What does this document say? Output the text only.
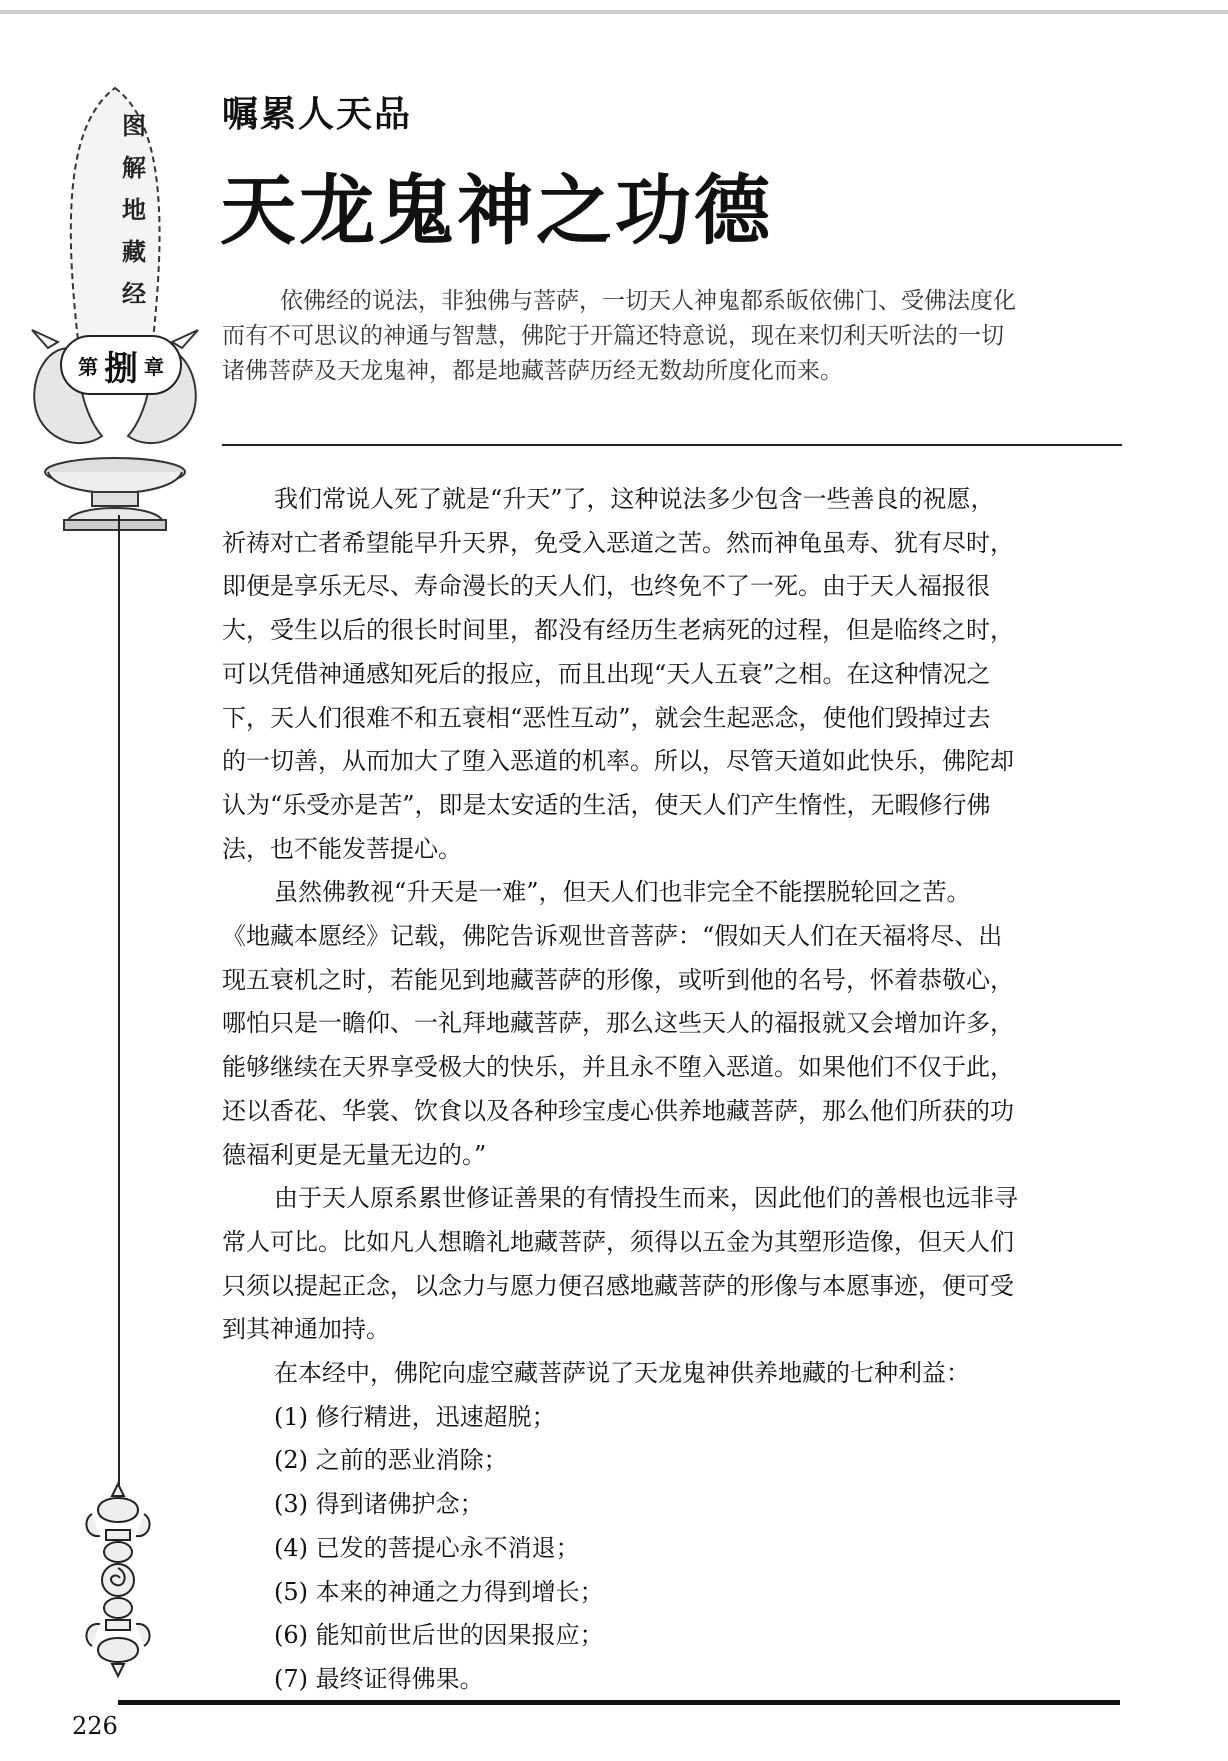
图
解
地
藏
经
第 捌 章
嘱累人天品
天龙鬼神之功德
依佛经的说法，非独佛与菩萨，一切天人神鬼都系皈依佛门、受佛法度化
而有不可思议的神通与智慧，佛陀于开篇还特意说，现在来忉利天听法的一切
诸佛菩萨及天龙鬼神，都是地藏菩萨历经无数劫所度化而来。
我们常说人死了就是“升天”了，这种说法多少包含一些善良的祝愿，
祈祷对亡者希望能早升天界，免受入恶道之苦。然而神龟虽寿、犹有尽时，
即便是享乐无尽、寿命漫长的天人们，也终免不了一死。由于天人福报很
大，受生以后的很长时间里，都没有经历生老病死的过程，但是临终之时，
可以凭借神通感知死后的报应，而且出现“天人五衰”之相。在这种情况之
下，天人们很难不和五衰相“恶性互动”，就会生起恶念，使他们毁掉过去
的一切善，从而加大了堕入恶道的机率。所以，尽管天道如此快乐，佛陀却
认为“乐受亦是苦”，即是太安适的生活，使天人们产生惰性，无暇修行佛
法，也不能发菩提心。
虽然佛教视“升天是一难”，但天人们也非完全不能摆脱轮回之苦。
《地藏本愿经》记载，佛陀告诉观世音菩萨：“假如天人们在天福将尽、出
现五衰机之时，若能见到地藏菩萨的形像，或听到他的名号，怀着恭敬心，
哪怕只是一瞻仰、一礼拜地藏菩萨，那么这些天人的福报就又会增加许多，
能够继续在天界享受极大的快乐，并且永不堕入恶道。如果他们不仅于此，
还以香花、华裳、饮食以及各种珍宝虔心供养地藏菩萨，那么他们所获的功
德福利更是无量无边的。”
由于天人原系累世修证善果的有情投生而来，因此他们的善根也远非寻
常人可比。比如凡人想瞻礼地藏菩萨，须得以五金为其塑形造像，但天人们
只须以提起正念，以念力与愿力便召感地藏菩萨的形像与本愿事迹，便可受
到其神通加持。
在本经中，佛陀向虚空藏菩萨说了天龙鬼神供养地藏的七种利益：
(1) 修行精进，迅速超脱；
(2) 之前的恶业消除；
(3) 得到诸佛护念；
(4) 已发的菩提心永不消退；
(5) 本来的神通之力得到增长；
(6) 能知前世后世的因果报应；
(7) 最终证得佛果。
226
